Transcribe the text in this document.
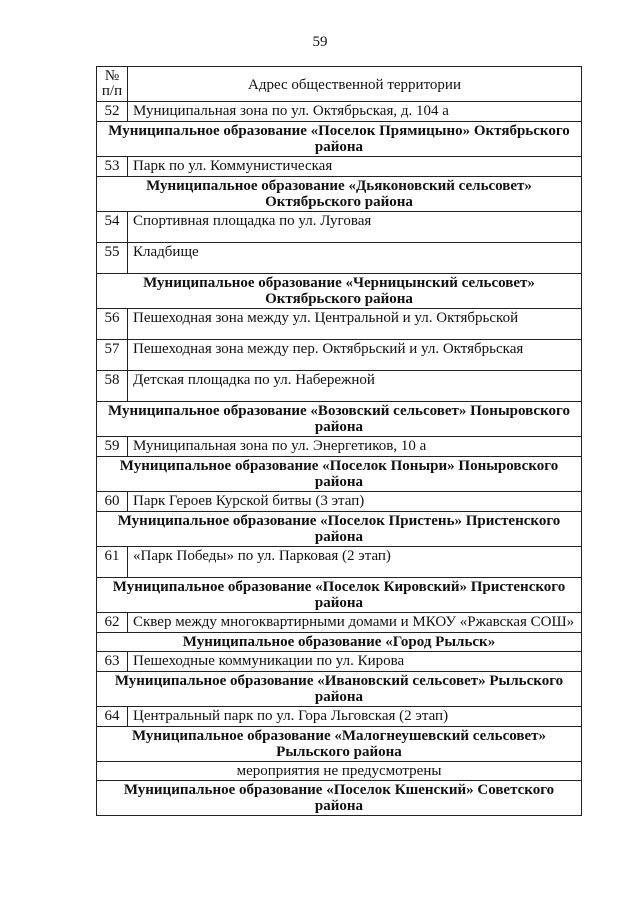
59
№ п/п	Адрес общественной территории
52	Муниципальная зона по ул. Октябрьская, д. 104 а
Муниципальное образование «Поселок Прямицыно» Октябрьского района	
53	Парк по ул. Коммунистическая
Муниципальное образование «Дьяконовский сельсовет» Октябрьского района	
54	Спортивная площадка по ул. Луговая
55	Кладбище
Муниципальное образование «Черницынский сельсовет» Октябрьского района	
56	Пешеходная зона между ул. Центральной и ул. Октябрьской
57	Пешеходная зона между пер. Октябрьский и ул. Октябрьская
58	Детская площадка по ул. Набережной
Муниципальное образование «Возовский сельсовет» Поныровского района	
59	Муниципальная зона по ул. Энергетиков, 10 а
Муниципальное образование «Поселок Поныри» Поныровского района	
60	Парк Героев Курской битвы (3 этап)
Муниципальное образование «Поселок Пристень» Пристенского района	
61	«Парк Победы» по ул. Парковая (2 этап)
Муниципальное образование «Поселок Кировский» Пристенского района	
62	Сквер между многоквартирными домами и МКОУ «Ржавская СОШ»
Муниципальное образование «Город Рыльск»	
63	Пешеходные коммуникации по ул. Кирова
Муниципальное образование «Ивановский сельсовет» Рыльского района	
64	Центральный парк по ул. Гора Льговская (2 этап)
Муниципальное образование «Малогнеушевский сельсовет» Рыльского района	
мероприятия не предусмотрены	
Муниципальное образование «Поселок Кшенский» Советского района	
